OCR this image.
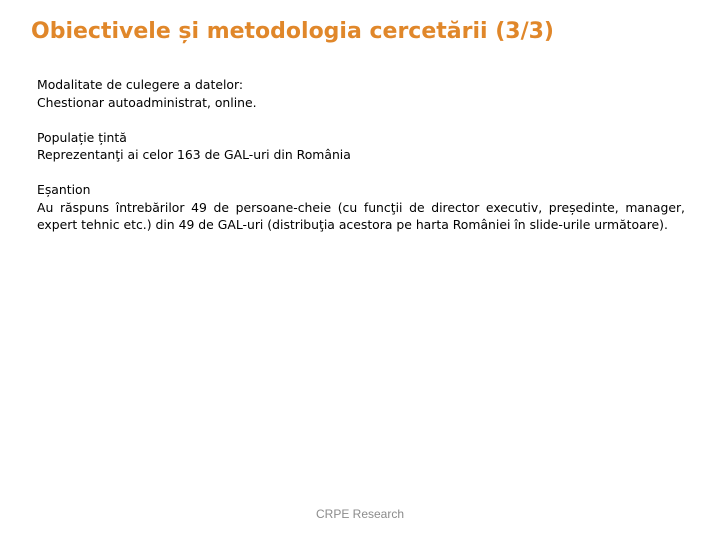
Obiectivele și metodologia cercetării (3/3)

Modalitate de culegere a datelor:

Chestionar autoadministrat, online.

Populație țintă

Reprezentanţi ai celor 163 de GAL-uri din România

Eșantion

Au răspuns întrebărilor 49 de persoane-cheie (cu funcţii de director executiv, președinte, manager, expert tehnic etc.) din 49 de GAL-uri (distribuţia acestora pe harta României în slide-urile următoare).

CRPE Research
